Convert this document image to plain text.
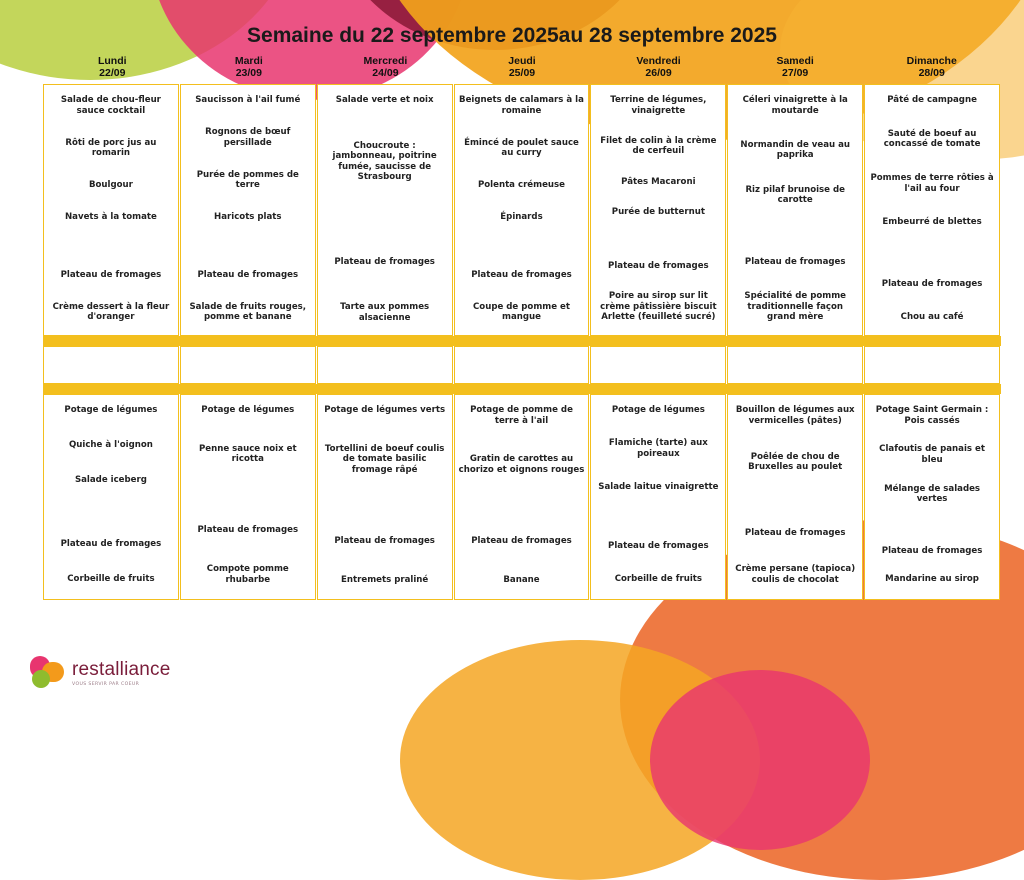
Semaine du 22 septembre 2025au 28 septembre 2025
Lundi
22/09
Mardi
23/09
Mercredi
24/09
Jeudi
25/09
Vendredi
26/09
Samedi
27/09
Dimanche
28/09
Salade de chou-fleur sauce cocktail
Rôti de porc jus au romarin
Boulgour
Navets à la tomate
Plateau de fromages
Crème dessert à la fleur d'oranger
Saucisson à l'ail fumé
Rognons de bœuf persillade
Purée de pommes de terre
Haricots plats
Plateau de fromages
Salade de fruits rouges, pomme et banane
Salade verte et noix
Choucroute : jambonneau, poitrine fumée, saucisse de Strasbourg
Plateau de fromages
Tarte aux pommes alsacienne
Beignets de calamars à la romaine
Émincé de poulet sauce au curry
Polenta crémeuse
Épinards
Plateau de fromages
Coupe de pomme et mangue
Terrine de légumes, vinaigrette
Filet de colin à la crème de cerfeuil
Pâtes Macaroni
Purée de butternut
Plateau de fromages
Poire au sirop sur lit crème pâtissière biscuit Arlette (feuilleté sucré)
Céleri vinaigrette à la moutarde
Normandin de veau au paprika
Riz pilaf brunoise de carotte
Plateau de fromages
Spécialité de pomme traditionnelle façon grand mère
Pâté de campagne
Sauté de boeuf au concassé de tomate
Pommes de terre rôties à l'ail au four
Embeurré de blettes
Plateau de fromages
Chou au café
Potage de légumes
Quiche à l'oignon
Salade iceberg
Plateau de fromages
Corbeille de fruits
Potage de légumes
Penne sauce noix et ricotta
Plateau de fromages
Compote pomme rhubarbe
Potage de légumes verts
Tortellini de boeuf coulis de tomate basilic fromage râpé
Plateau de fromages
Entremets praliné
Potage de pomme de terre à l'ail
Gratin de carottes au chorizo et oignons rouges
Plateau de fromages
Banane
Potage de légumes
Flamiche (tarte) aux poireaux
Salade laitue vinaigrette
Plateau de fromages
Corbeille de fruits
Bouillon de légumes aux vermicelles (pâtes)
Poêlée de chou de Bruxelles au poulet
Plateau de fromages
Crème persane (tapioca) coulis de chocolat
Potage Saint Germain : Pois cassés
Clafoutis de panais et bleu
Mélange de salades vertes
Plateau de fromages
Mandarine au sirop
restalliance
VOUS SERVIR PAR COEUR
